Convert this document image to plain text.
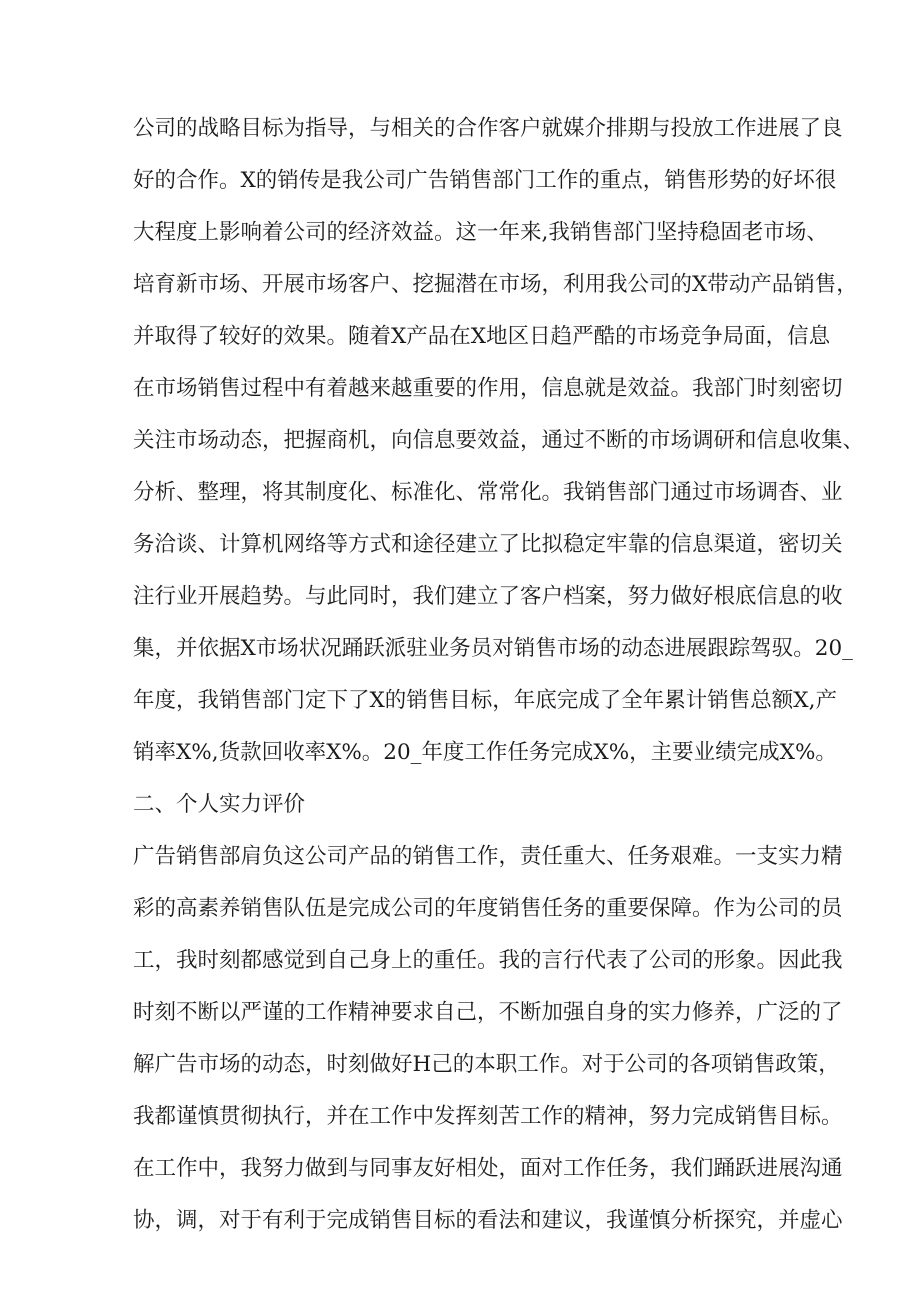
公司的战略目标为指导，与相关的合作客户就媒介排期与投放工作进展了良
好的合作。X的销传是我公司广告销售部门工作的重点，销售形势的好坏很
大程度上影响着公司的经济效益。这一年来,我销售部门坚持稳固老市场、
培育新市场、开展市场客户、挖掘潜在市场，利用我公司的X带动产品销售，
并取得了较好的效果。随着X产品在X地区日趋严酷的市场竞争局面，信息
在市场销售过程中有着越来越重要的作用，信息就是效益。我部门时刻密切
关注市场动态，把握商机，向信息要效益，通过不断的市场调研和信息收集、
分析、整理，将其制度化、标准化、常常化。我销售部门通过市场调杳、业
务洽谈、计算机网络等方式和途径建立了比拟稳定牢靠的信息渠道，密切关
注行业开展趋势。与此同时，我们建立了客户档案，努力做好根底信息的收
集，并依据X市场状况踊跃派驻业务员对销售市场的动态进展跟踪驾驭。20_
年度，我销售部门定下了X的销售目标，年底完成了全年累计销售总额X,产
销率X%,货款回收率X%。20_年度工作任务完成X%，主要业绩完成X%。
二、个人实力评价
广告销售部肩负这公司产品的销售工作，责任重大、任务艰难。一支实力精
彩的高素养销售队伍是完成公司的年度销售任务的重要保障。作为公司的员
工，我时刻都感觉到自己身上的重任。我的言行代表了公司的形象。因此我
时刻不断以严谨的工作精神要求自己，不断加强自身的实力修养，广泛的了
解广告市场的动态，时刻做好H己的本职工作。对于公司的各项销售政策，
我都谨慎贯彻执行，并在工作中发挥刻苦工作的精神，努力完成销售目标。
在工作中，我努力做到与同事友好相处，面对工作任务，我们踊跃进展沟通
协，调，对于有利于完成销售目标的看法和建议，我谨慎分析探究，并虚心
